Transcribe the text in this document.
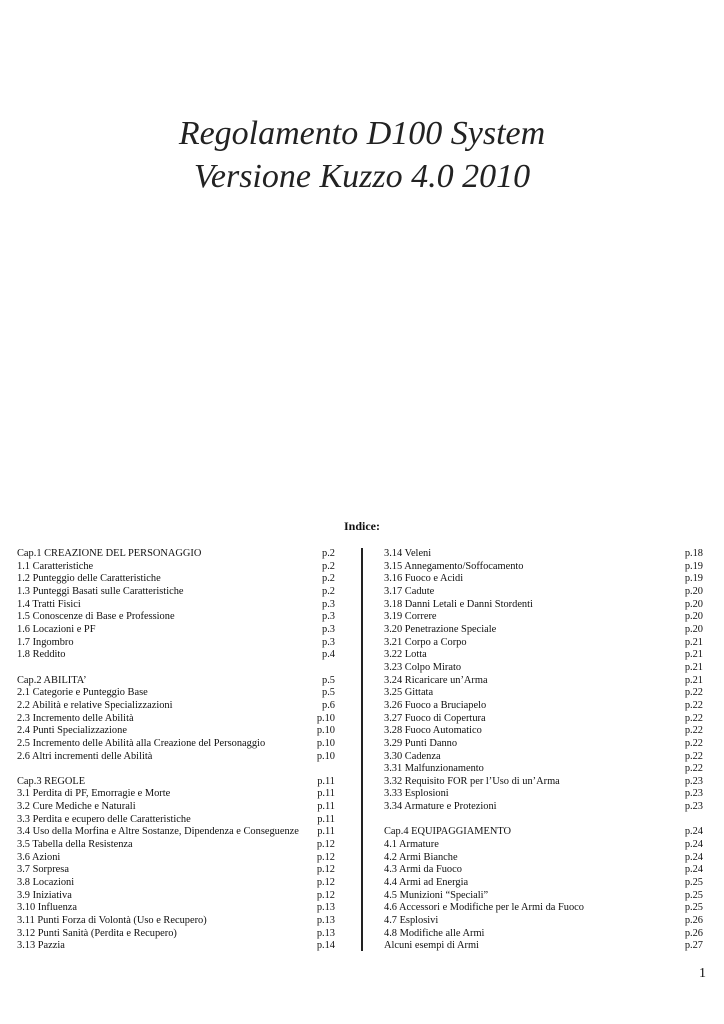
Regolamento D100 System
Versione Kuzzo 4.0 2010
Indice:
Cap.1 CREAZIONE DEL PERSONAGGIO	p.2
1.1 Caratteristiche	p.2
1.2 Punteggio delle Caratteristiche	p.2
1.3 Punteggi Basati sulle Caratteristiche	p.2
1.4 Tratti Fisici	p.3
1.5 Conoscenze di Base e Professione	p.3
1.6 Locazioni e PF	p.3
1.7 Ingombro	p.3
1.8 Reddito	p.4
Cap.2 ABILITA’	p.5
2.1 Categorie e Punteggio Base	p.5
2.2 Abilità e relative Specializzazioni	p.6
2.3 Incremento delle Abilità	p.10
2.4 Punti Specializzazione	p.10
2.5 Incremento delle Abilità alla Creazione del Personaggio	p.10
2.6 Altri incrementi delle Abilità	p.10
Cap.3 REGOLE	p.11
3.1 Perdita di PF, Emorragie e Morte	p.11
3.2 Cure Mediche e Naturali	p.11
3.3 Perdita e ecupero delle Caratteristiche	p.11
3.4 Uso della Morfina e Altre Sostanze, Dipendenza e Conseguenze p.11
3.5 Tabella della Resistenza	p.12
3.6 Azioni	p.12
3.7 Sorpresa	p.12
3.8 Locazioni	p.12
3.9 Iniziativa	p.12
3.10 Influenza	p.13
3.11 Punti Forza di Volontà (Uso e Recupero)	p.13
3.12 Punti Sanità (Perdita e Recupero)	p.13
3.13 Pazzia	p.14
3.14 Veleni	p.18
3.15 Annegamento/Soffocamento	p.19
3.16 Fuoco e Acidi	p.19
3.17 Cadute	p.20
3.18 Danni Letali e Danni Stordenti	p.20
3.19 Correre	p.20
3.20 Penetrazione Speciale	p.20
3.21 Corpo a Corpo	p.21
3.22 Lotta	p.21
3.23 Colpo Mirato	p.21
3.24 Ricaricare un’Arma	p.21
3.25 Gittata	p.22
3.26 Fuoco a Bruciapelo	p.22
3.27 Fuoco di Copertura	p.22
3.28 Fuoco Automatico	p.22
3.29 Punti Danno	p.22
3.30 Cadenza	p.22
3.31 Malfunzionamento	p.22
3.32 Requisito FOR per l’Uso di un’Arma	p.23
3.33 Esplosioni	p.23
3.34 Armature e Protezioni	p.23
Cap.4 EQUIPAGGIAMENTO	p.24
4.1 Armature	p.24
4.2 Armi Bianche	p.24
4.3 Armi da Fuoco	p.24
4.4 Armi ad Energia	p.25
4.5 Munizioni “Speciali”	p.25
4.6 Accessori e Modifiche per le Armi da Fuoco	p.25
4.7 Esplosivi	p.26
4.8 Modifiche alle Armi	p.26
Alcuni esempi di Armi	p.27
1
